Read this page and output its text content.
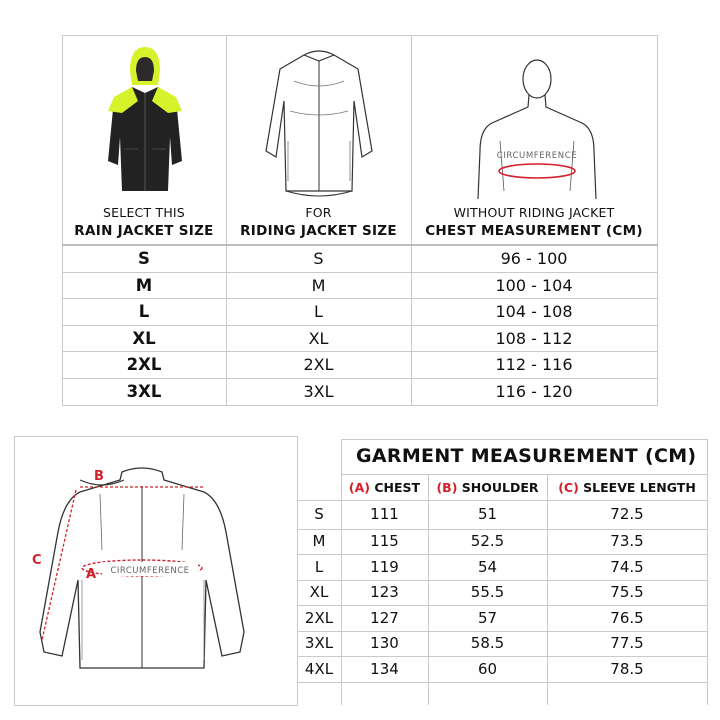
CIRCUMFERENCE
SELECT THIS
RAIN JACKET SIZE
FOR
RIDING JACKET SIZE
WITHOUT RIDING JACKET
CHEST MEASUREMENT (CM)
S	S	96 - 100
M	M	100 - 104
L	L	104 - 108
XL	XL	108 - 112
2XL	2XL	112 - 116
3XL	3XL	116 - 120
B
C
A CIRCUMFERENCE
GARMENT MEASUREMENT (CM)
(A) CHEST	(B) SHOULDER	(C) SLEEVE LENGTH
S	111	51	72.5
M	115	52.5	73.5
L	119	54	74.5
XL	123	55.5	75.5
2XL	127	57	76.5
3XL	130	58.5	77.5
4XL	134	60	78.5
